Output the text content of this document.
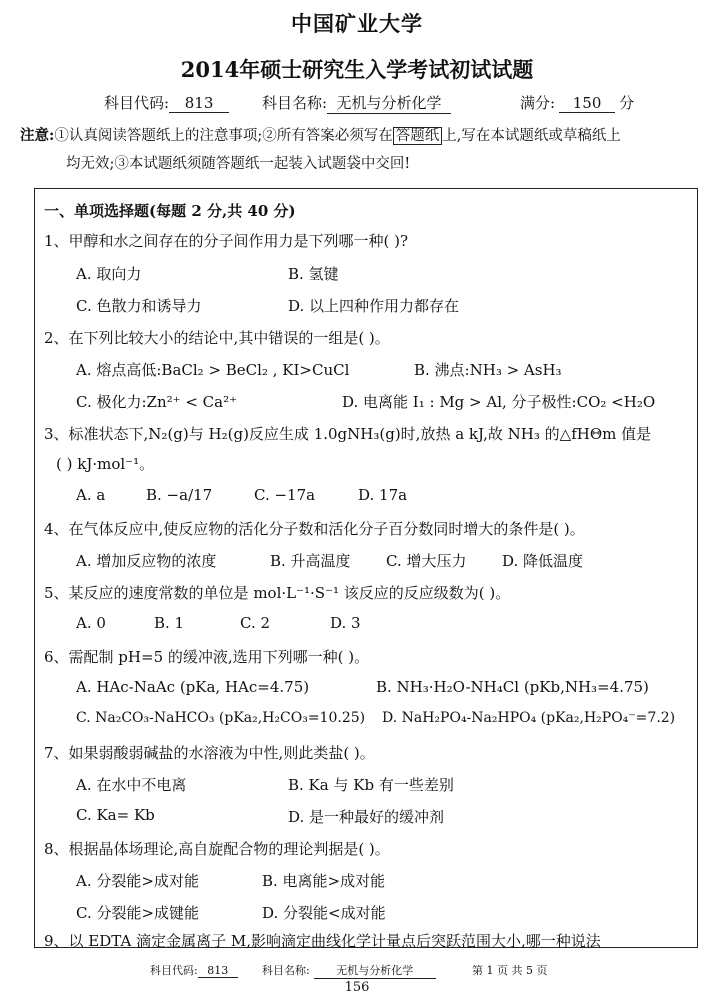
中国矿业大学
2014年硕士研究生入学考试初试试题
科目代码: 813	科目名称: 无机与分析化学	满分: 150 分
注意:①认真阅读答题纸上的注意事项;②所有答案必须写在 答题纸 上,写在本试题纸或草稿纸上
均无效;③本试题纸须随答题纸一起装入试题袋中交回!
一、单项选择题(每题 2 分,共 40 分)
1、甲醇和水之间存在的分子间作用力是下列哪一种( )?
A. 取向力	B. 氢键
C. 色散力和诱导力	D. 以上四种作用力都存在
2、在下列比较大小的结论中,其中错误的一组是( )。
A. 熔点高低:BaCl₂ > BeCl₂ , KI>CuCl	B. 沸点:NH₃ > AsH₃
C. 极化力:Zn²⁺ < Ca²⁺	D. 电离能 I₁ : Mg > Al, 分子极性:CO₂ <H₂O
3、标准状态下,N₂(g)与 H₂(g)反应生成 1.0gNH₃(g)时,放热 a kJ,故 NH₃ 的△fHΘm 值是
( ) kJ·mol⁻¹。
A. a	B. −a/17	C. −17a	D. 17a
4、在气体反应中,使反应物的活化分子数和活化分子百分数同时增大的条件是( )。
A. 增加反应物的浓度	B. 升高温度 C. 增大压力 D. 降低温度
5、某反应的速度常数的单位是 mol·L⁻¹·S⁻¹ 该反应的反应级数为( )。
A. 0	B. 1	C. 2	D. 3
6、需配制 pH=5 的缓冲液,选用下列哪一种( )。
A. HAc-NaAc (pKa, HAc=4.75)	B. NH₃·H₂O-NH₄Cl (pKb,NH₃=4.75)
C. Na₂CO₃-NaHCO₃ (pKa₂,H₂CO₃=10.25) D. NaH₂PO₄-Na₂HPO₄ (pKa₂,H₂PO₄⁻=7.2)
7、如果弱酸弱碱盐的水溶液为中性,则此类盐( )。
A. 在水中不电离	B. Ka 与 Kb 有一些差别
C. Ka= Kb	D. 是一种最好的缓冲剂
8、根据晶体场理论,高自旋配合物的理论判据是( )。
A. 分裂能>成对能	B. 电离能>成对能
C. 分裂能>成键能	D. 分裂能<成对能
9、以 EDTA 滴定金属离子 M,影响滴定曲线化学计量点后突跃范围大小,哪一种说法
科目代码: 813	科目名称: 无机与分析化学	第 1 页 共 5 页
156
